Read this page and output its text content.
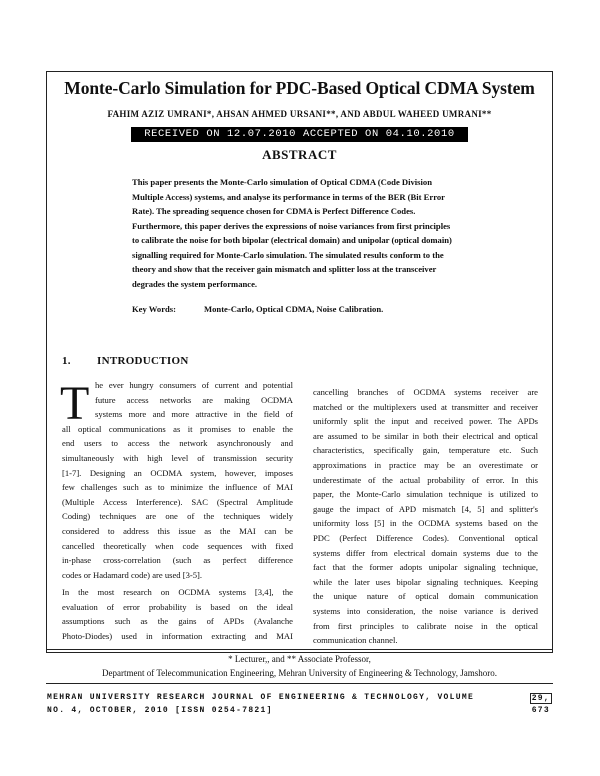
Monte-Carlo Simulation for PDC-Based Optical CDMA System
FAHIM AZIZ UMRANI*, AHSAN AHMED URSANI**, AND ABDUL WAHEED UMRANI**
RECEIVED ON 12.07.2010 ACCEPTED ON 04.10.2010
ABSTRACT
This paper presents the Monte-Carlo simulation of Optical CDMA (Code Division
Multiple Access) systems, and analyse its performance in terms of the BER (Bit Error
Rate). The spreading sequence chosen for CDMA is Perfect Difference Codes.
Furthermore, this paper derives the expressions of noise variances from first principles
to calibrate the noise for both bipolar (electrical domain) and unipolar (optical domain)
signalling required for Monte-Carlo simulation. The simulated results conform to the
theory and show that the receiver gain mismatch and splitter loss at the transceiver
degrades the system performance.
Key Words:	Monte-Carlo, Optical CDMA, Noise Calibration.
1. INTRODUCTION
T he ever hungry consumers of current and potential
future access networks are making OCDMA
systems more and more attractive in the field of
all optical communications as it promises to enable the
end users to access the network asynchronously and
simultaneously with high level of transmission security
[1-7]. Designing an OCDMA system, however, imposes
few challenges such as to minimize the influence of MAI
(Multiple Access Interference). SAC (Spectral Amplitude
Coding) techniques are one of the techniques widely
considered to address this issue as the MAI can be
cancelled theoretically when code sequences with fixed
in-phase cross-correlation (such as perfect difference
codes or Hadamard code) are used [3-5].
In the most research on OCDMA systems [3,4], the
evaluation of error probability is based on the ideal
assumptions such as the gains of APDs (Avalanche
Photo-Diodes) used in information extracting and MAI
cancelling branches of OCDMA systems receiver are
matched or the multiplexers used at transmitter and receiver
uniformly split the input and received power. The APDs
are assumed to be similar in both their electrical and optical
characteristics, specifically gain, temperature etc. Such
approximations in practice may be an overestimate or
underestimate of the actual probability of error. In this
paper, the Monte-Carlo simulation technique is utilized to
gauge the impact of APD mismatch [4, 5] and splitter's
uniformity loss [5] in the OCDMA systems based on the
PDC (Perfect Difference Codes). Conventional optical
systems differ from electrical domain systems due to the
fact that the former adopts unipolar signaling technique,
while the later uses bipolar signaling techniques. Keeping
the unique nature of optical domain communication
systems into consideration, the noise variance is derived
from first principles to calibrate noise in the optical
communication channel.
* Lecturer,, and ** Associate Professor,
Department of Telecommunication Engineering, Mehran University of Engineering & Technology, Jamshoro.
MEHRAN UNIVERSITY RESEARCH JOURNAL OF ENGINEERING & TECHNOLOGY, VOLUME	29,
NO. 4, OCTOBER, 2010 [ISSN 0254-7821]	673
